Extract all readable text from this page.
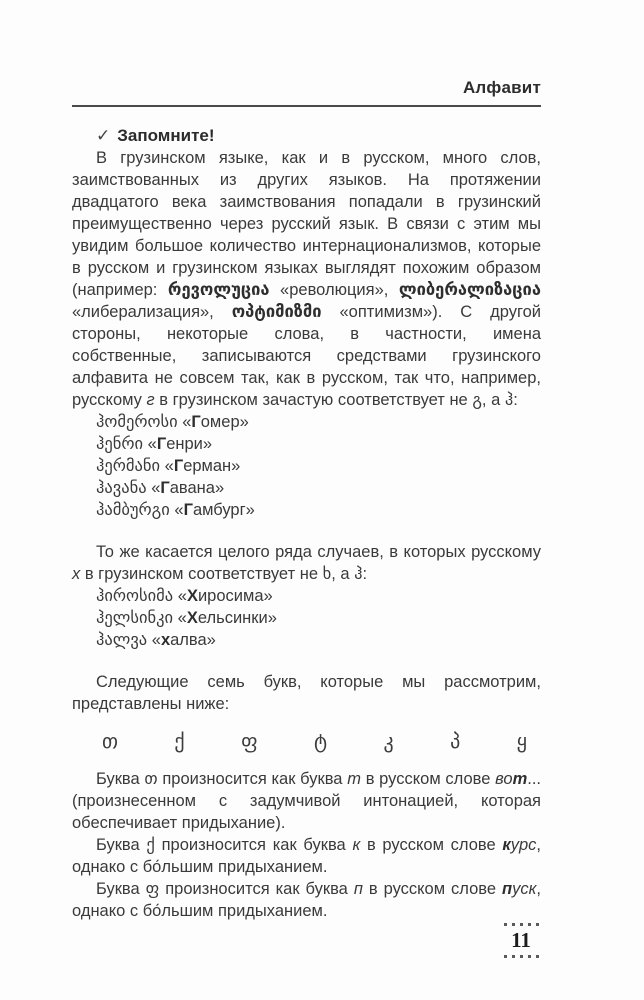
Алфавит

✓ Запомните!

В грузинском языке, как и в русском, много слов, заимствованных из других языков. На протяжении двадцатого века заимствования попадали в грузинский преимущественно через русский язык. В связи с этим мы увидим большое количество интернационализмов, которые в русском и грузинском языках выглядят похожим образом (например: რევოლუცია «революция», ლიბერალიზაცია «либерализация», ოპტიმიზმი «оптимизм»). С другой стороны, некоторые слова, в частности, имена собственные, записываются средствами грузинского алфавита не совсем так, как в русском, так что, например, русскому г в грузинском зачастую соответствует не გ, а ჰ:

ჰომეროსი «Гомер»
ჰენრი «Генри»
ჰერმანი «Герман»
ჰავანა «Гавана»
ჰამბურგი «Гамбург»

То же касается целого ряда случаев, в которых русскому х в грузинском соответствует не ხ, а ჰ:

ჰიროსიმა «Хиросима»
ჰელსინკი «Хельсинки»
ჰალვა «халва»

Следующие семь букв, которые мы рассмотрим, представлены ниже:

თ	ქ	ფ	ტ	კ	პ	ყ

Буква თ произносится как буква т в русском слове вот... (произнесенном с задумчивой интонацией, которая обеспечивает придыхание).

Буква ქ произносится как буква к в русском слове курс, однако с бо́льшим придыханием.

Буква ფ произносится как буква п в русском слове пуск, однако с бо́льшим придыханием.

11
